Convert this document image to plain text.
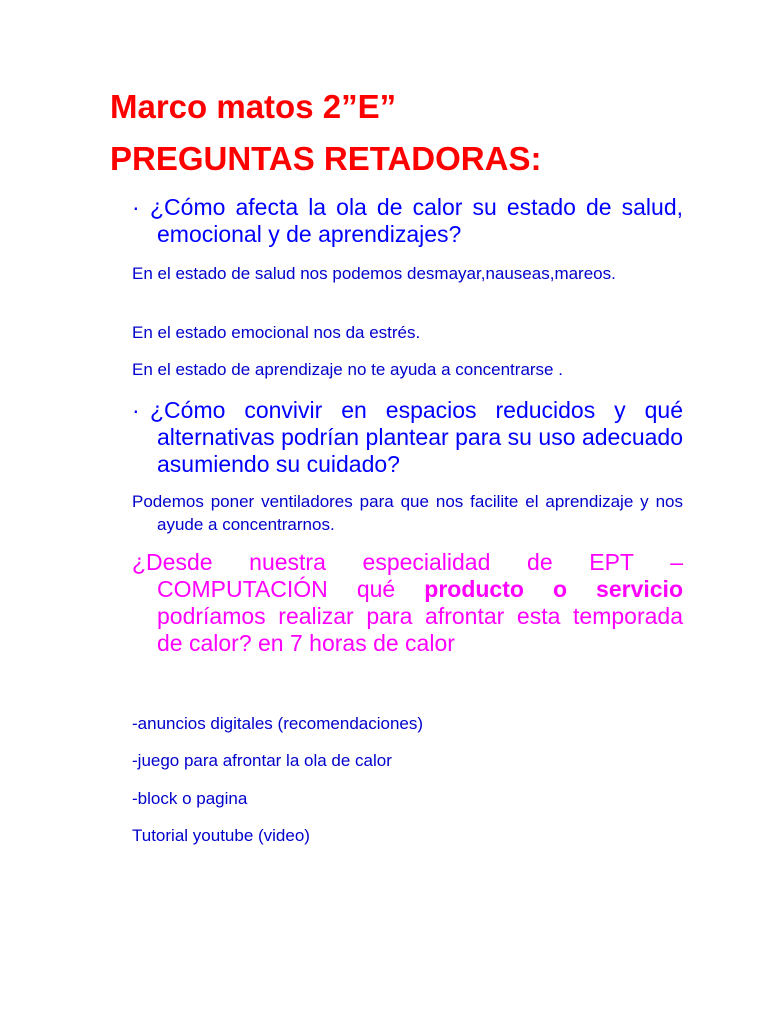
Marco matos 2”E”
PREGUNTAS RETADORAS:

· ¿Cómo afecta la ola de calor su estado de salud, emocional y de aprendizajes?

En el estado de salud nos podemos desmayar,nauseas,mareos.

En el estado emocional nos da estrés.

En el estado de aprendizaje no te ayuda a concentrarse .

· ¿Cómo convivir en espacios reducidos y qué alternativas podrían plantear para su uso adecuado asumiendo su cuidado?

Podemos poner ventiladores para que nos facilite el aprendizaje y nos ayude a concentrarnos.

¿Desde nuestra especialidad de EPT – COMPUTACIÓN qué producto o servicio podríamos realizar para afrontar esta temporada de calor? en 7 horas de calor

-anuncios digitales (recomendaciones)

-juego para afrontar la ola de calor

-block o pagina

Tutorial youtube (video)
